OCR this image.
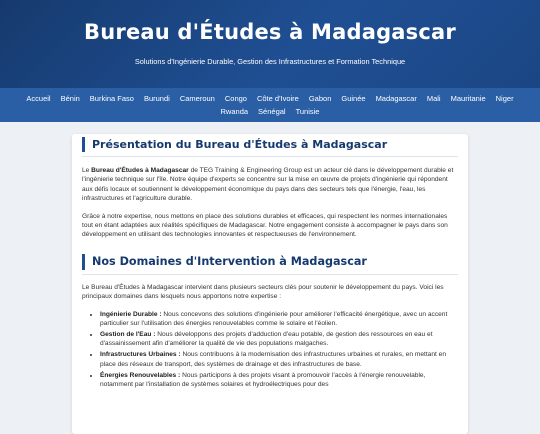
Bureau d'Études à Madagascar

Solutions d'Ingénierie Durable, Gestion des Infrastructures et Formation Technique

Accueil	Bénin	Burkina Faso	Burundi	Cameroun	Congo	Côte d'Ivoire	Gabon	Guinée	Madagascar	Mali	Mauritanie	Niger
Rwanda	Sénégal	Tunisie
Présentation du Bureau d'Études à Madagascar

Le Bureau d'Études à Madagascar de TEG Training & Engineering Group est un acteur clé dans le développement durable et l'ingénierie technique sur l'île. Notre équipe d'experts se concentre sur la mise en œuvre de projets d'ingénierie qui répondent aux défis locaux et soutiennent le développement économique du pays dans des secteurs tels que l'énergie, l'eau, les infrastructures et l'agriculture durable.

Grâce à notre expertise, nous mettons en place des solutions durables et efficaces, qui respectent les normes internationales tout en étant adaptées aux réalités spécifiques de Madagascar. Notre engagement consiste à accompagner le pays dans son développement en utilisant des technologies innovantes et respectueuses de l'environnement.

Nos Domaines d'Intervention à Madagascar

Le Bureau d'Études à Madagascar intervient dans plusieurs secteurs clés pour soutenir le développement du pays. Voici les principaux domaines dans lesquels nous apportons notre expertise :

• Ingénierie Durable : Nous concevons des solutions d'ingénierie pour améliorer l'efficacité énergétique, avec un accent particulier sur l'utilisation des énergies renouvelables comme le solaire et l'éolien.
• Gestion de l'Eau : Nous développons des projets d'adduction d'eau potable, de gestion des ressources en eau et d'assainissement afin d'améliorer la qualité de vie des populations malgaches.
• Infrastructures Urbaines : Nous contribuons à la modernisation des infrastructures urbaines et rurales, en mettant en place des réseaux de transport, des systèmes de drainage et des infrastructures de base.
• Énergies Renouvelables : Nous participons à des projets visant à promouvoir l'accès à l'énergie renouvelable, notamment par l'installation de systèmes solaires et hydroélectriques pour des
